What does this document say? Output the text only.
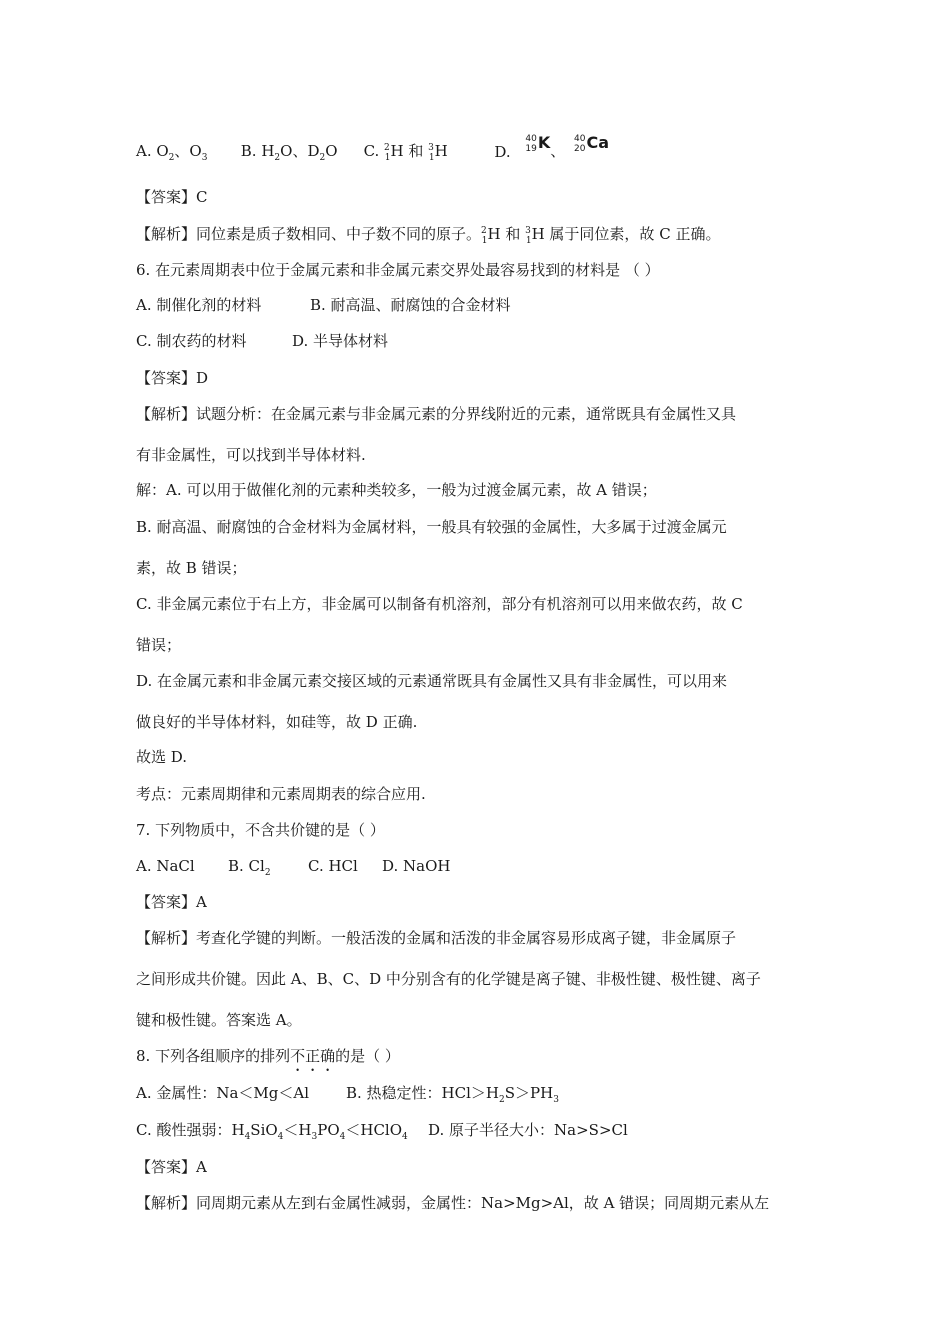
A. $O_2$、$O_3$ B. $H_2O$、$D_2O$ C. $^2_1$H 和 $^3_1$H	D. 40
19K、 40
20Ca
【答案】C
【解析】同位素是质子数相同、中子数不同的原子。$^2_1$H 和 $^3_1$H 属于同位素，故 C 正确。
6. 在元素周期表中位于金属元素和非金属元素交界处最容易找到的材料是 （ ）
A. 制催化剂的材料	B. 耐高温、耐腐蚀的合金材料
C. 制农药的材料	D. 半导体材料
【答案】D
【解析】试题分析：在金属元素与非金属元素的分界线附近的元素，通常既具有金属性又具
有非金属性，可以找到半导体材料.
解：A. 可以用于做催化剂的元素种类较多，一般为过渡金属元素，故 A 错误；
B. 耐高温、耐腐蚀的合金材料为金属材料，一般具有较强的金属性，大多属于过渡金属元
素，故 B 错误；
C. 非金属元素位于右上方，非金属可以制备有机溶剂，部分有机溶剂可以用来做农药，故 C
错误；
D. 在金属元素和非金属元素交接区域的元素通常既具有金属性又具有非金属性，可以用来
做良好的半导体材料，如硅等，故 D 正确.
故选 D.
考点：元素周期律和元素周期表的综合应用.
7. 下列物质中，不含共价键的是（ ）
A. NaCl B. $Cl_2$ C. HCl D. NaOH
【答案】A
【解析】考查化学键的判断。一般活泼的金属和活泼的非金属容易形成离子键，非金属原子
之间形成共价键。因此 A、B、C、D 中分别含有的化学键是离子键、非极性键、极性键、离子
键和极性键。答案选 A。
8. 下列各组顺序的排列不正确的是（ ）
A. 金属性：Na＜Mg＜Al B. 热稳定性：$HCl>H_2S>PH_3$
C. 酸性强弱：$H_4SiO_4<H_3PO_4<HClO_4$ D. 原子半径大小：Na>S>Cl
【答案】A
【解析】同周期元素从左到右金属性减弱，金属性：Na>Mg>Al，故 A 错误；同周期元素从左
